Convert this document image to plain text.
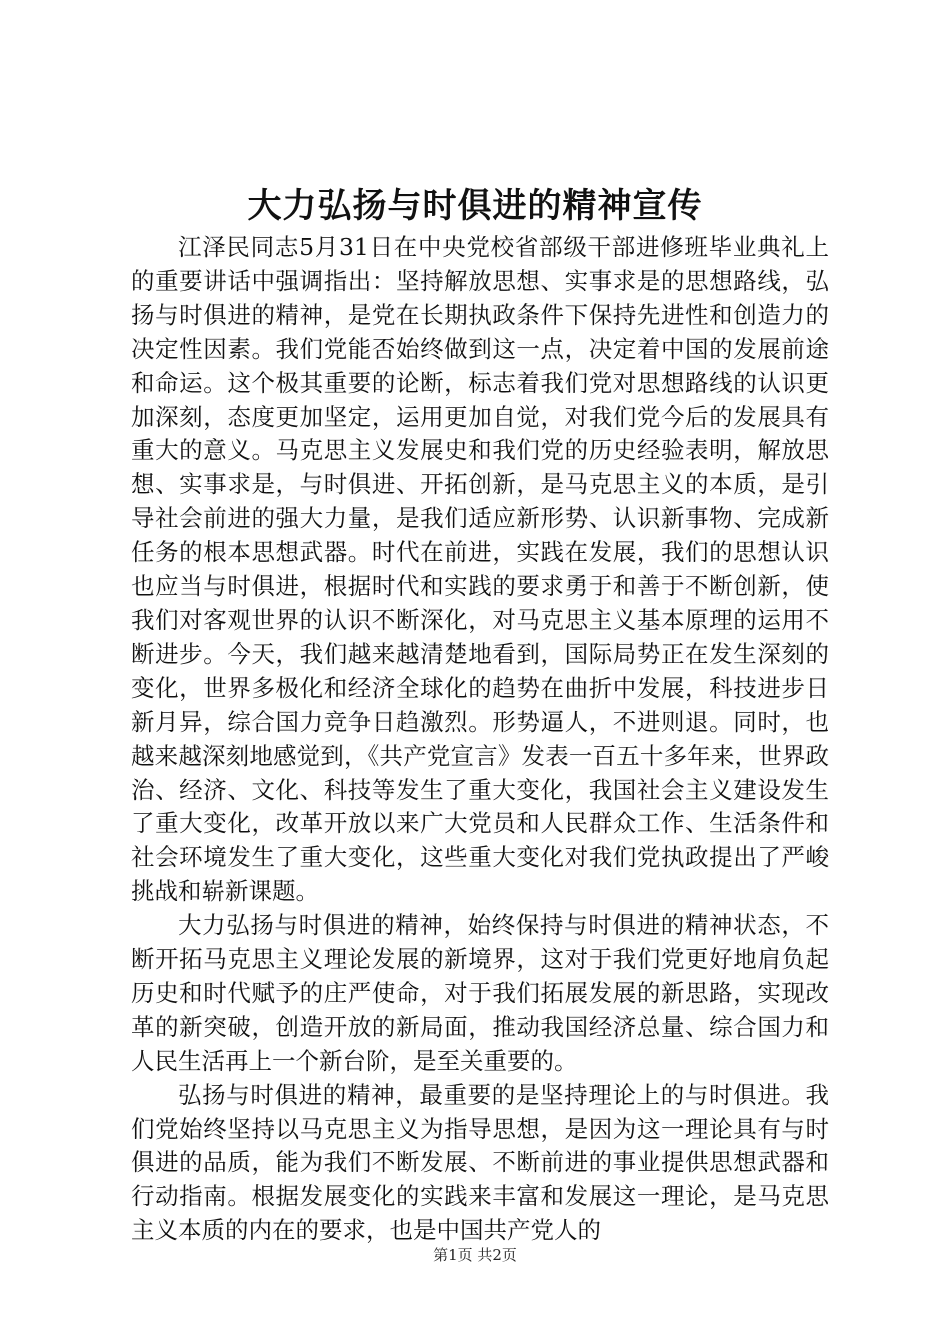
大力弘扬与时俱进的精神宣传

江泽民同志5月31日在中央党校省部级干部进修班毕业典礼上的重要讲话中强调指出：坚持解放思想、实事求是的思想路线，弘扬与时俱进的精神，是党在长期执政条件下保持先进性和创造力的决定性因素。我们党能否始终做到这一点，决定着中国的发展前途和命运。这个极其重要的论断，标志着我们党对思想路线的认识更加深刻，态度更加坚定，运用更加自觉，对我们党今后的发展具有重大的意义。马克思主义发展史和我们党的历史经验表明，解放思想、实事求是，与时俱进、开拓创新，是马克思主义的本质，是引导社会前进的强大力量，是我们适应新形势、认识新事物、完成新任务的根本思想武器。时代在前进，实践在发展，我们的思想认识也应当与时俱进，根据时代和实践的要求勇于和善于不断创新，使我们对客观世界的认识不断深化，对马克思主义基本原理的运用不断进步。今天，我们越来越清楚地看到，国际局势正在发生深刻的变化，世界多极化和经济全球化的趋势在曲折中发展，科技进步日新月异，综合国力竞争日趋激烈。形势逼人，不进则退。同时，也越来越深刻地感觉到，《共产党宣言》发表一百五十多年来，世界政治、经济、文化、科技等发生了重大变化，我国社会主义建设发生了重大变化，改革开放以来广大党员和人民群众工作、生活条件和社会环境发生了重大变化，这些重大变化对我们党执政提出了严峻挑战和崭新课题。

大力弘扬与时俱进的精神，始终保持与时俱进的精神状态，不断开拓马克思主义理论发展的新境界，这对于我们党更好地肩负起历史和时代赋予的庄严使命，对于我们拓展发展的新思路，实现改革的新突破，创造开放的新局面，推动我国经济总量、综合国力和人民生活再上一个新台阶，是至关重要的。

弘扬与时俱进的精神，最重要的是坚持理论上的与时俱进。我们党始终坚持以马克思主义为指导思想，是因为这一理论具有与时俱进的品质，能为我们不断发展、不断前进的事业提供思想武器和行动指南。根据发展变化的实践来丰富和发展这一理论，是马克思主义本质的内在的要求，也是中国共产党人的

第1页 共2页
